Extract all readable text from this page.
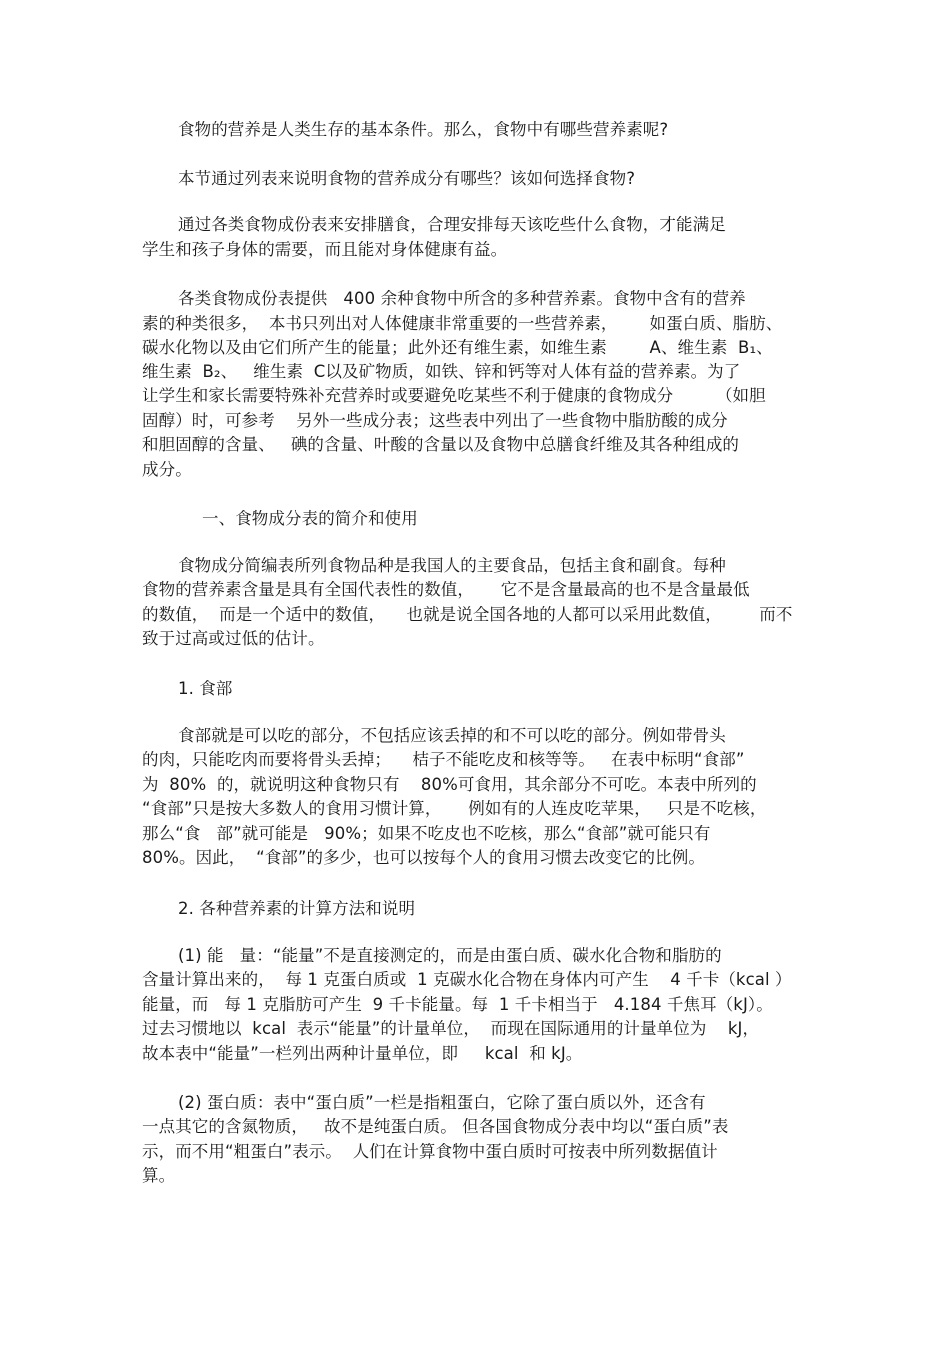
食物的营养是人类生存的基本条件。那么，食物中有哪些营养素呢?
本节通过列表来说明食物的营养成分有哪些？该如何选择食物?
通过各类食物成份表来安排膳食，合理安排每天该吃些什么食物，才能满足
学生和孩子身体的需要，而且能对身体健康有益。
各类食物成份表提供   400 余种食物中所含的多种营养素。食物中含有的营养
素的种类很多，  本书只列出对人体健康非常重要的一些营养素，      如蛋白质、脂肪、
碳水化物以及由它们所产生的能量；此外还有维生素，如维生素        A、维生素  B₁、
维生素  B₂、   维生素  C以及矿物质，如铁、锌和钙等对人体有益的营养素。为了
让学生和家长需要特殊补充营养时或要避免吃某些不利于健康的食物成分        （如胆
固醇）时，可参考    另外一些成分表；这些表中列出了一些食物中脂肪酸的成分
和胆固醇的含量、   碘的含量、叶酸的含量以及食物中总膳食纤维及其各种组成的
成分。
一、食物成分表的简介和使用
食物成分简编表所列食物品种是我国人的主要食品，包括主食和副食。每种
食物的营养素含量是具有全国代表性的数值，     它不是含量最高的也不是含量最低
的数值，  而是一个适中的数值，    也就是说全国各地的人都可以采用此数值，       而不
致于过高或过低的估计。
1. 食部
食部就是可以吃的部分，不包括应该丢掉的和不可以吃的部分。例如带骨头
的肉，只能吃肉而要将骨头丢掉；    桔子不能吃皮和核等等。   在表中标明“食部”
为  80%  的，就说明这种食物只有    80%可食用，其余部分不可吃。本表中所列的
“食部”只是按大多数人的食用习惯计算，     例如有的人连皮吃苹果，   只是不吃核，
那么“食   部”就可能是   90%；如果不吃皮也不吃核，那么“食部”就可能只有
80%。因此，  “食部”的多少，也可以按每个人的食用习惯去改变它的比例。
2. 各种营养素的计算方法和说明
(1) 能   量：“能量”不是直接测定的，而是由蛋白质、碳水化合物和脂肪的
含量计算出来的，  每 1 克蛋白质或  1 克碳水化合物在身体内可产生    4 千卡（kcal ）
能量，而   每 1 克脂肪可产生  9 千卡能量。每  1 千卡相当于   4.184 千焦耳（kJ）。
过去习惯地以  kcal  表示“能量”的计量单位，  而现在国际通用的计量单位为    kJ，
故本表中“能量”一栏列出两种计量单位，即     kcal  和 kJ。
(2) 蛋白质：表中“蛋白质”一栏是指粗蛋白，它除了蛋白质以外，还含有
一点其它的含氮物质，   故不是纯蛋白质。 但各国食物成分表中均以“蛋白质”表
示，而不用“粗蛋白”表示。  人们在计算食物中蛋白质时可按表中所列数据值计
算。
